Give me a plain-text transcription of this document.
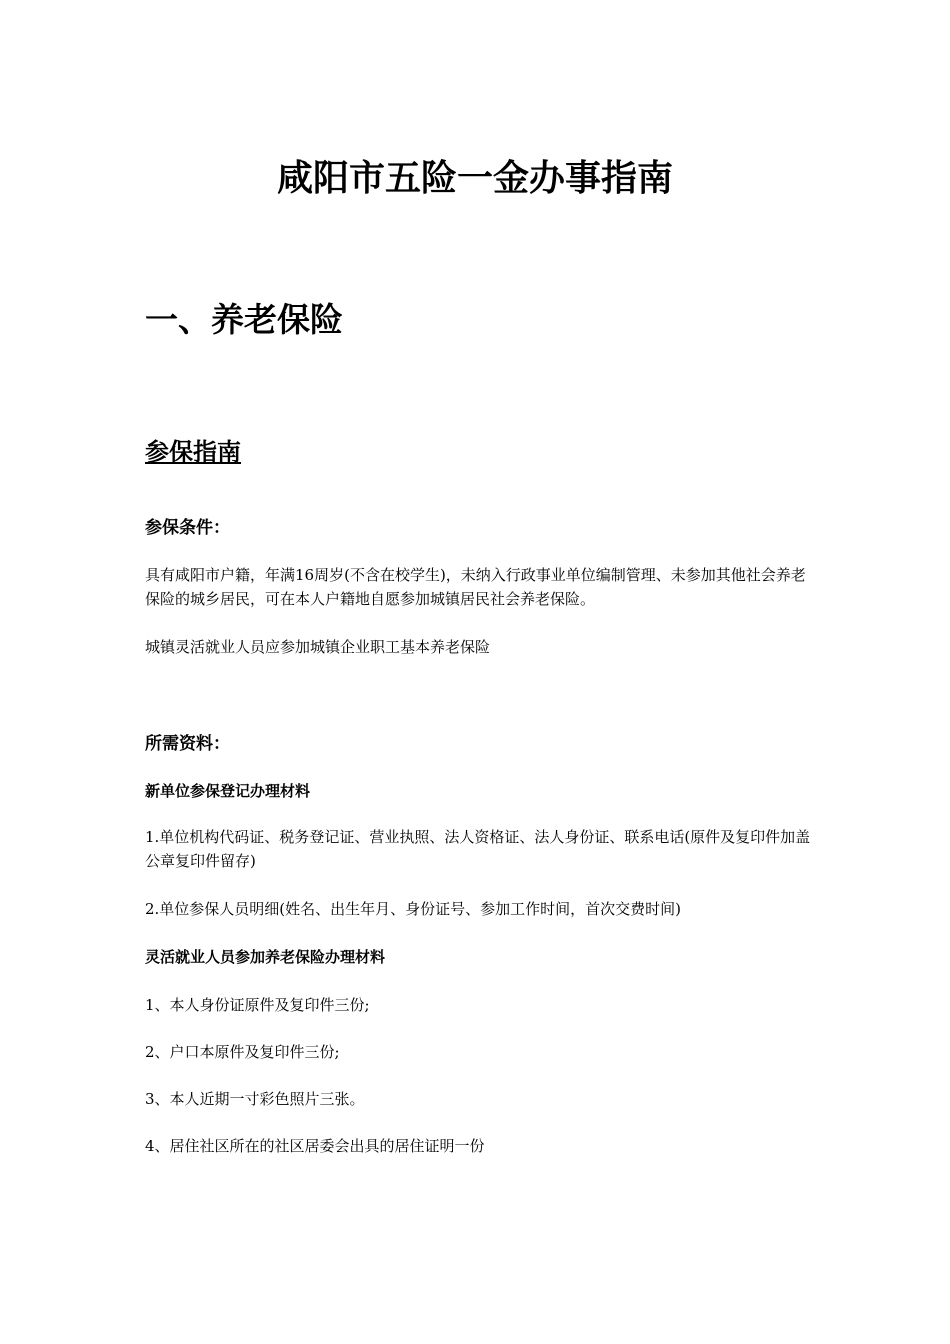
咸阳市五险一金办事指南
一、养老保险
参保指南
参保条件：

具有咸阳市户籍，年满16周岁(不含在校学生)，未纳入行政事业单位编制管理、未参加其他社会养老保险的城乡居民，可在本人户籍地自愿参加城镇居民社会养老保险。

城镇灵活就业人员应参加城镇企业职工基本养老保险

所需资料：
新单位参保登记办理材料

1.单位机构代码证、税务登记证、营业执照、法人资格证、法人身份证、联系电话(原件及复印件加盖公章复印件留存)

2.单位参保人员明细(姓名、出生年月、身份证号、参加工作时间，首次交费时间)

灵活就业人员参加养老保险办理材料

1、本人身份证原件及复印件三份;

2、户口本原件及复印件三份;

3、本人近期一寸彩色照片三张。

4、居住社区所在的社区居委会出具的居住证明一份
